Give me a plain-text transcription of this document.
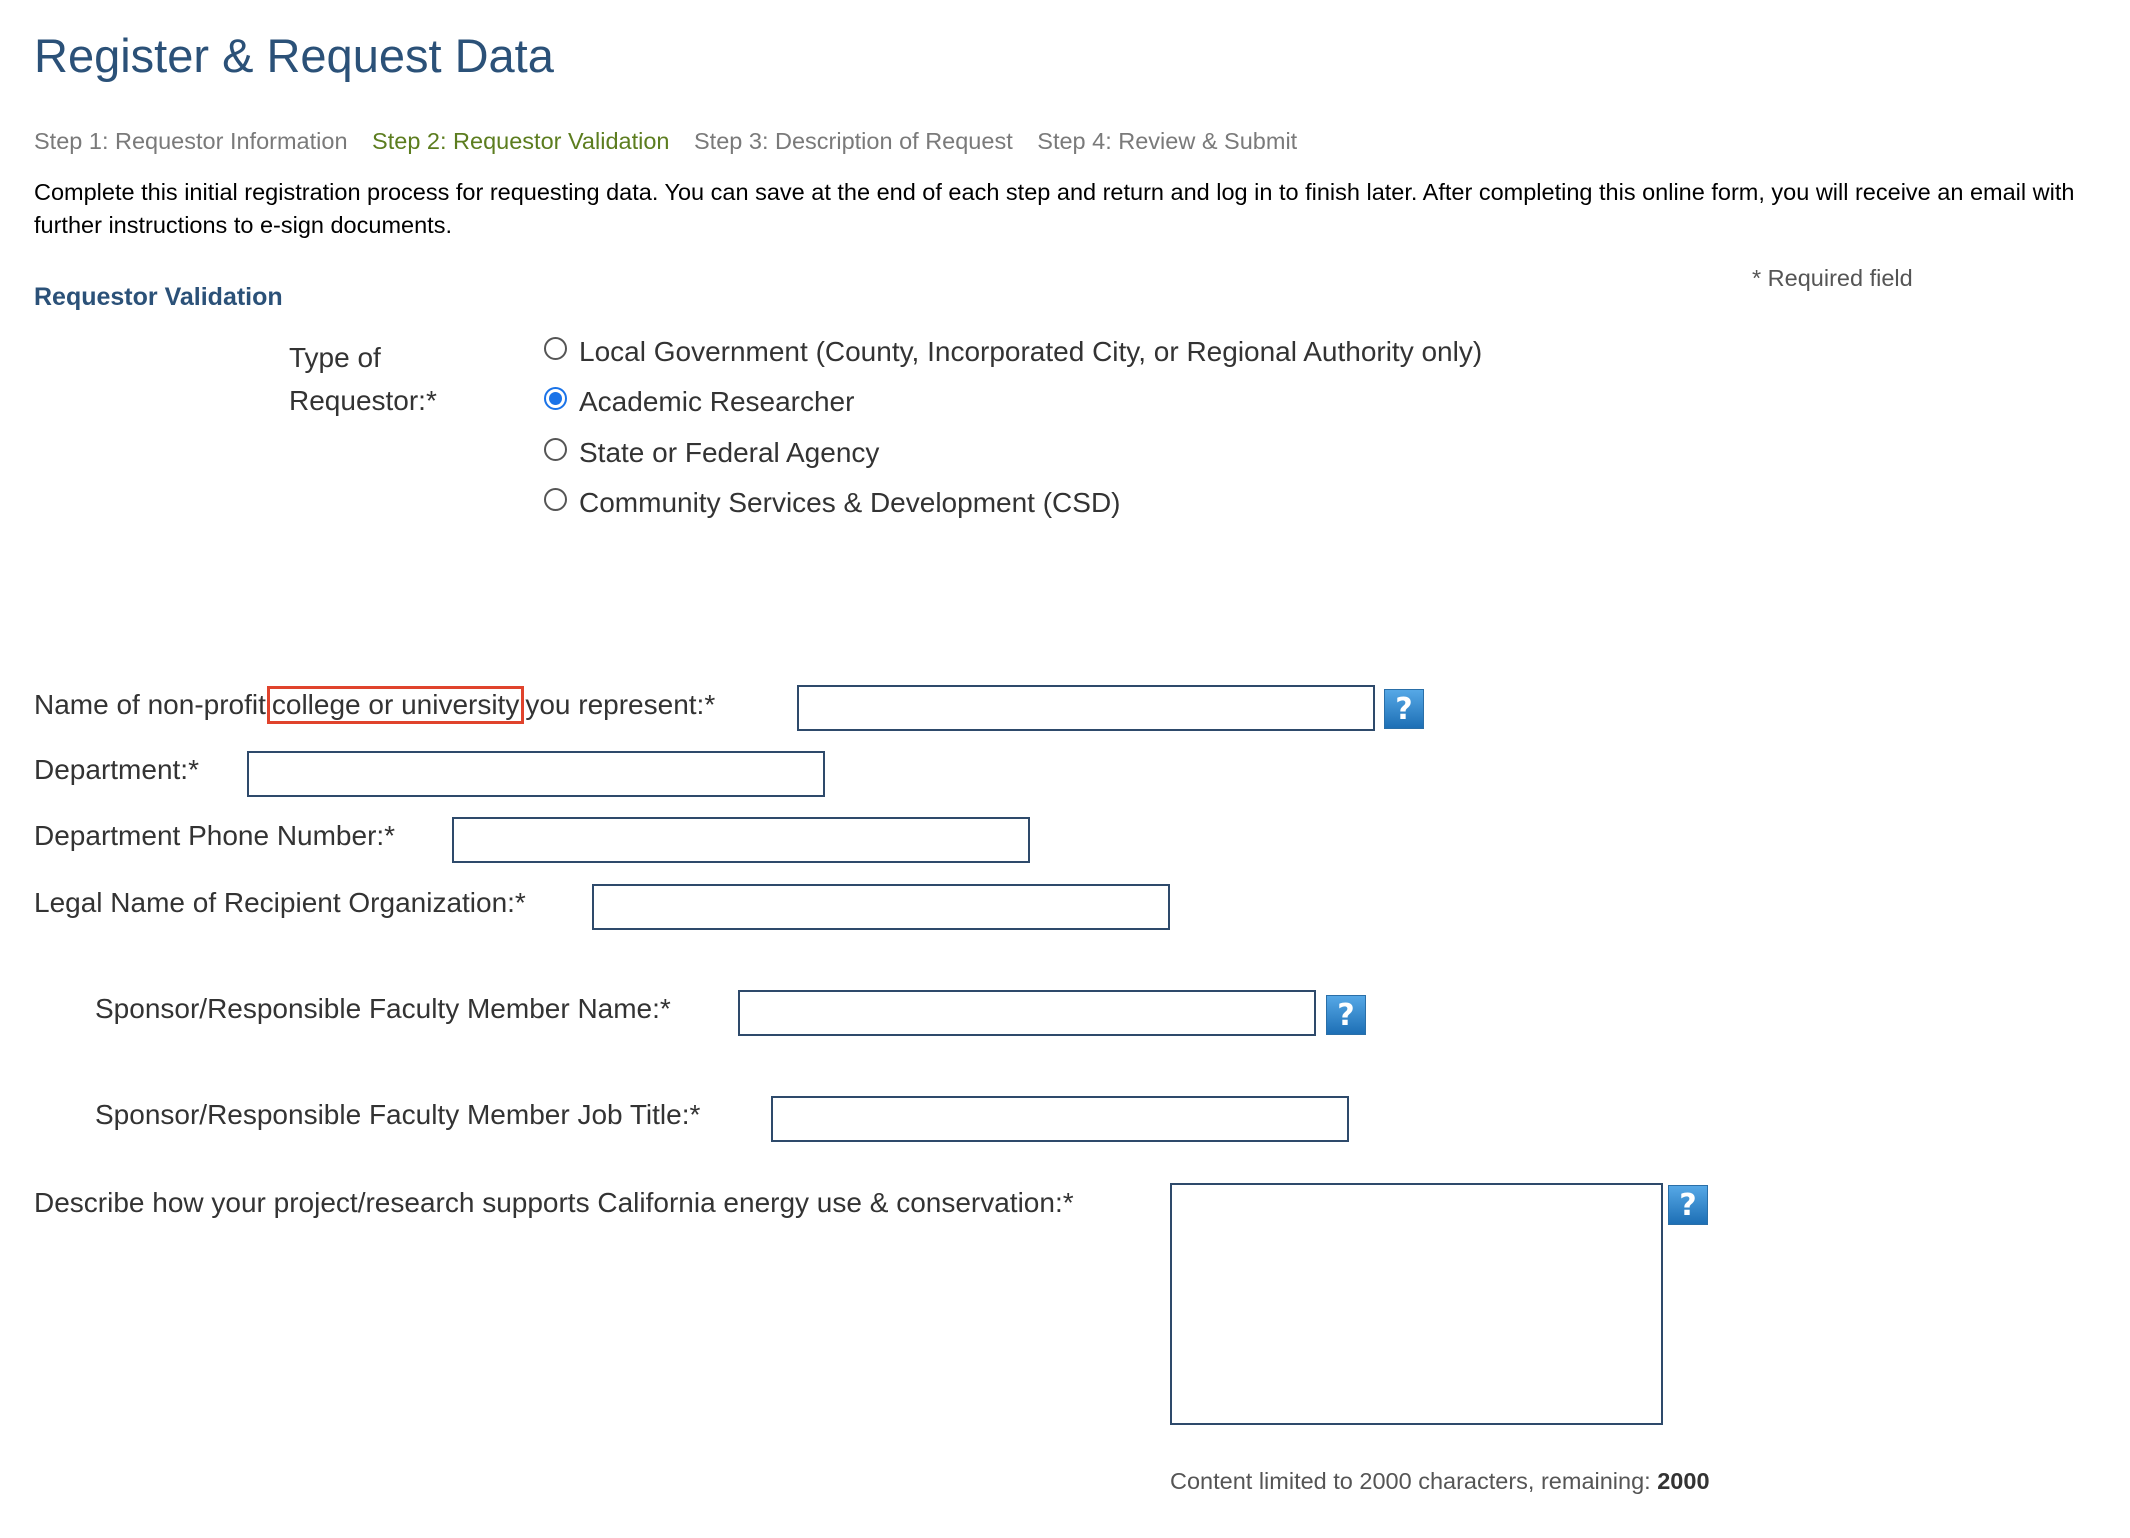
Register & Request Data
Step 1: Requestor Information Step 2: Requestor Validation Step 3: Description of Request Step 4: Review & Submit
Complete this initial registration process for requesting data. You can save at the end of each step and return and log in to finish later. After completing this online form, you will receive an email with further instructions to e-sign documents.
* Required field
Requestor Validation
Type of
Requestor:*
Local Government (County, Incorporated City, or Regional Authority only)
Academic Researcher
State or Federal Agency
Community Services & Development (CSD)
Name of non-profit college or university you represent:*	?
Department:*
Department Phone Number:*
Legal Name of Recipient Organization:*
Sponsor/Responsible Faculty Member Name:*	?
Sponsor/Responsible Faculty Member Job Title:*
Describe how your project/research supports California energy use & conservation:*	?
Content limited to 2000 characters, remaining: 2000
